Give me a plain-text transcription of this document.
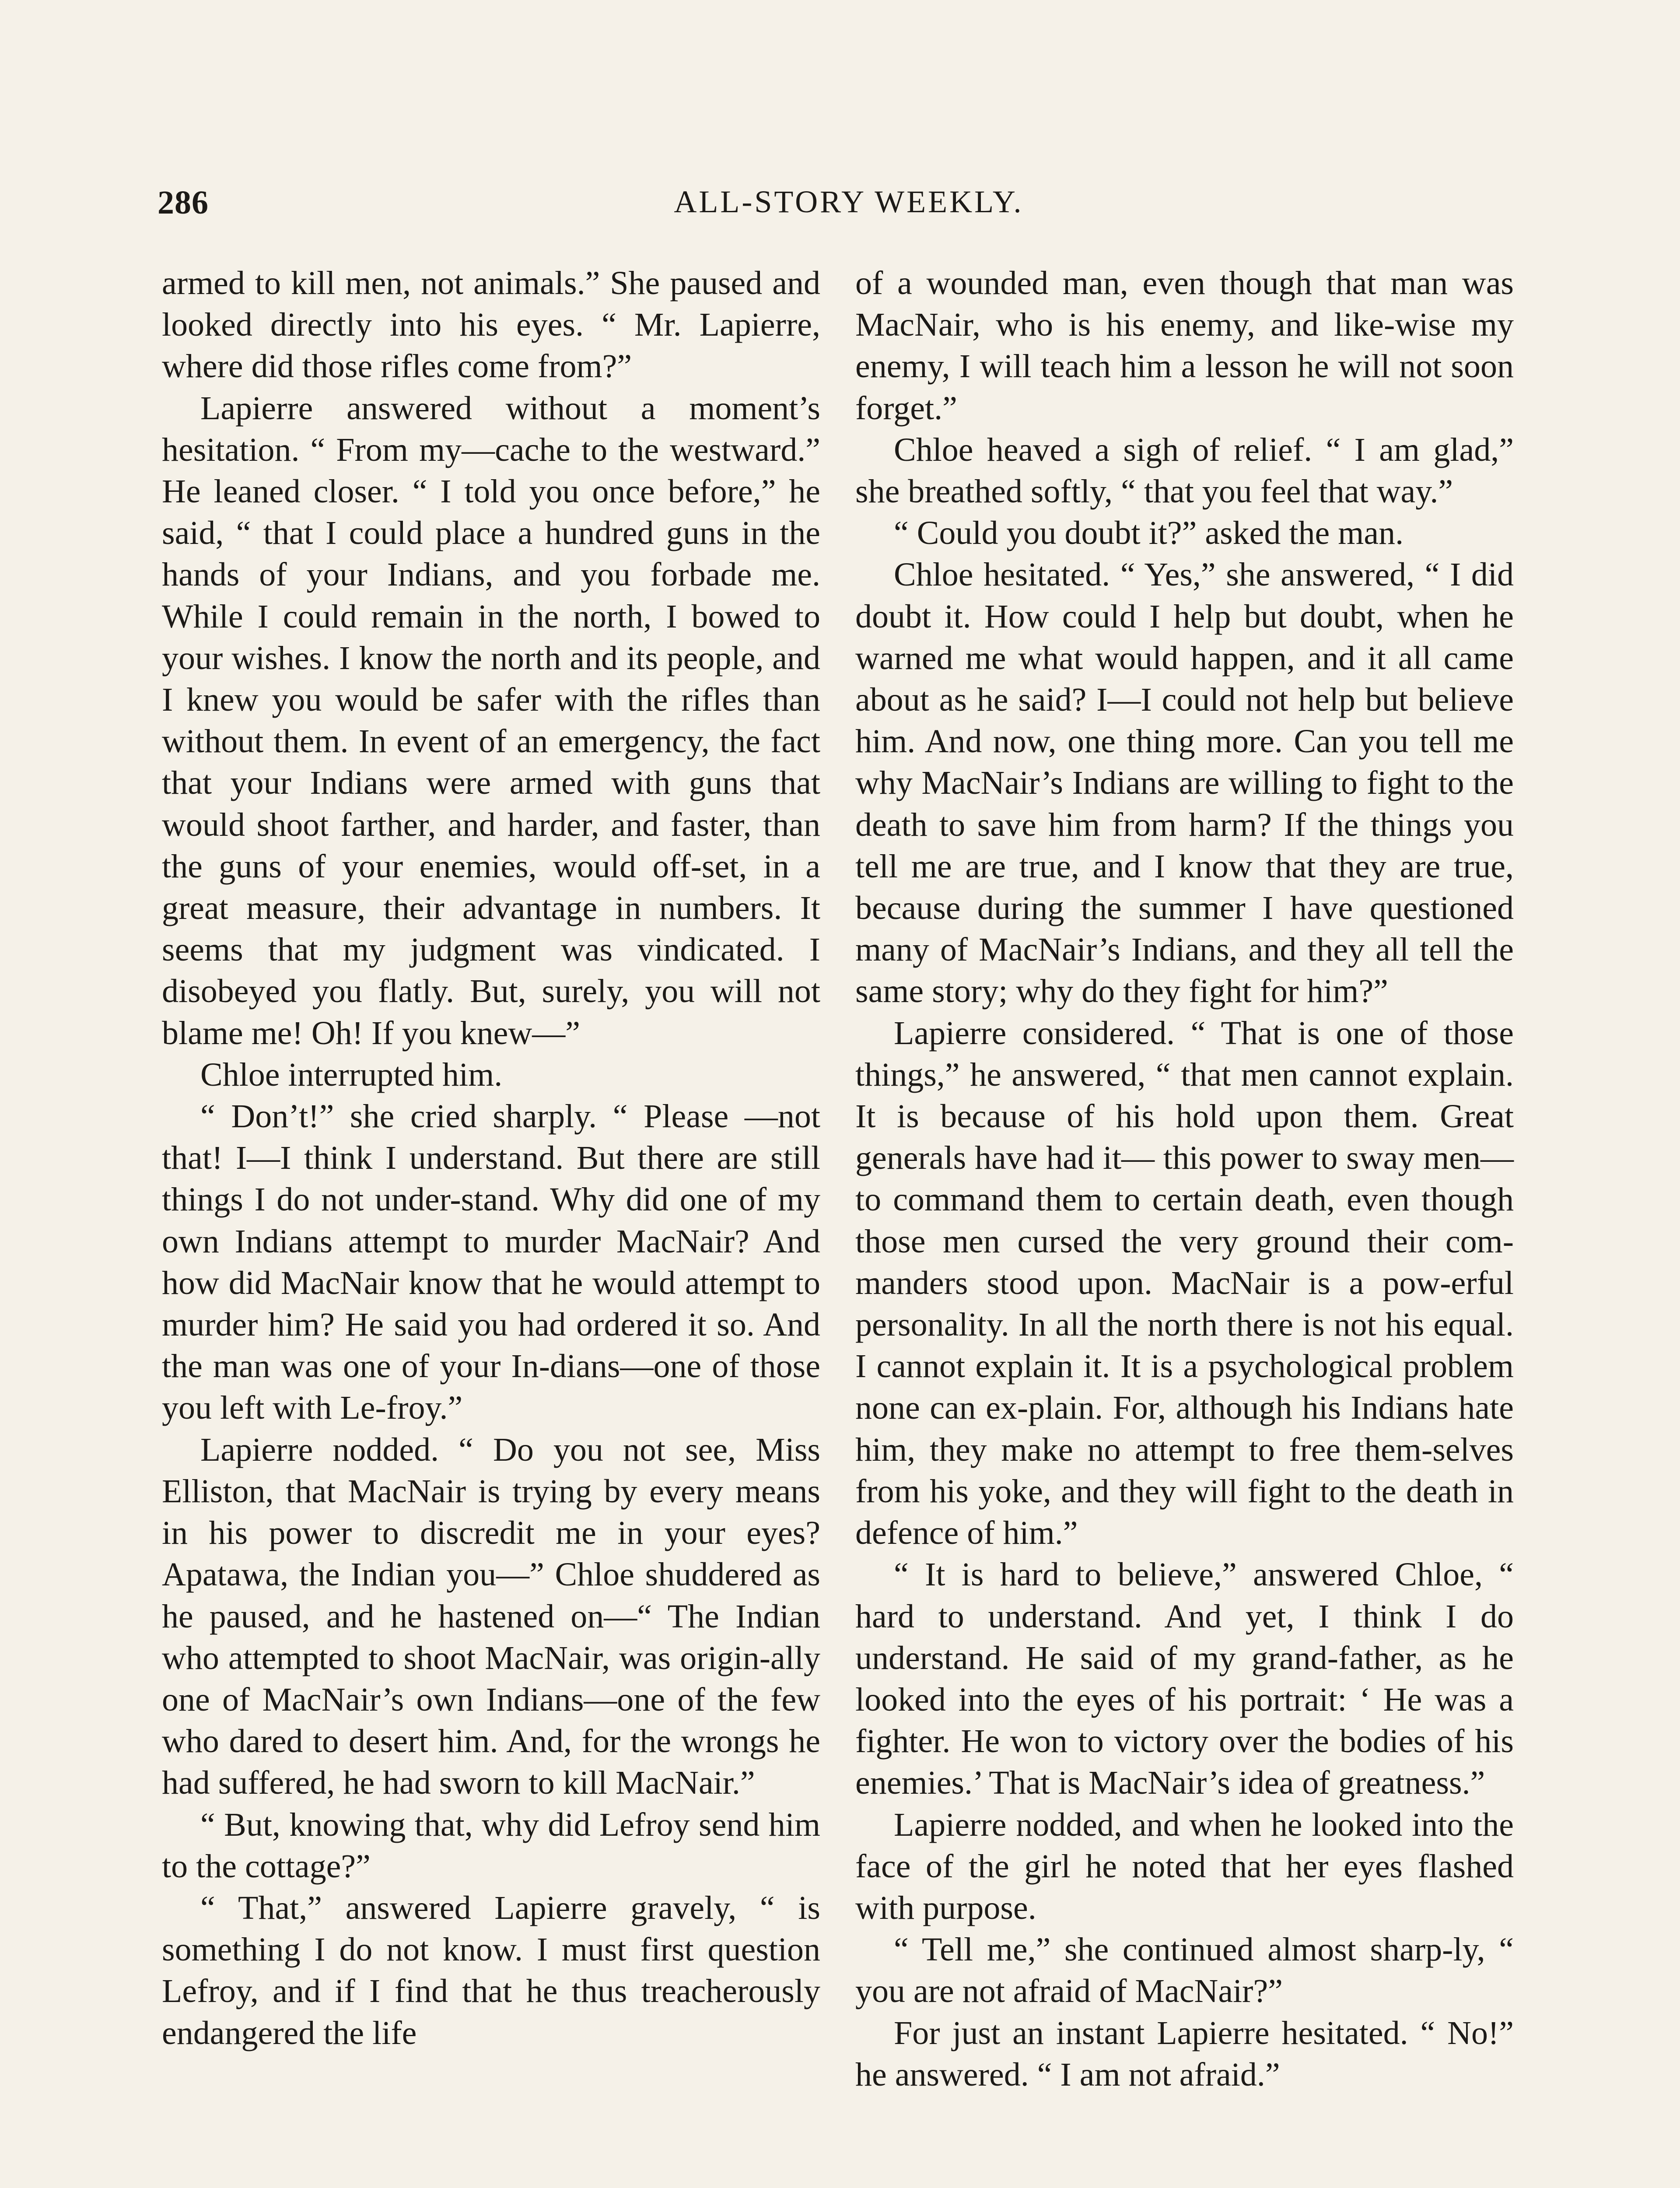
286	ALL-STORY WEEKLY.

armed to kill men, not animals.” She paused and looked directly into his eyes. “ Mr. Lapierre, where did those rifles come from?”

Lapierre answered without a moment’s hesitation. “ From my—cache to the westward.” He leaned closer. “ I told you once before,” he said, “ that I could place a hundred guns in the hands of your Indians, and you forbade me. While I could remain in the north, I bowed to your wishes. I know the north and its people, and I knew you would be safer with the rifles than without them. In event of an emergency, the fact that your Indians were armed with guns that would shoot farther, and harder, and faster, than the guns of your enemies, would off-set, in a great measure, their advantage in numbers. It seems that my judgment was vindicated. I disobeyed you flatly. But, surely, you will not blame me! Oh! If you knew—”

Chloe interrupted him.

“ Don’t!” she cried sharply. “ Please —not that! I—I think I understand. But there are still things I do not under-stand. Why did one of my own Indians attempt to murder MacNair? And how did MacNair know that he would attempt to murder him? He said you had ordered it so. And the man was one of your In-dians—one of those you left with Le-froy.”

Lapierre nodded. “ Do you not see, Miss Elliston, that MacNair is trying by every means in his power to discredit me in your eyes? Apatawa, the Indian you—” Chloe shuddered as he paused, and he hastened on—“ The Indian who attempted to shoot MacNair, was origin-ally one of MacNair’s own Indians—one of the few who dared to desert him. And, for the wrongs he had suffered, he had sworn to kill MacNair.”

“ But, knowing that, why did Lefroy send him to the cottage?”

“ That,” answered Lapierre gravely, “ is something I do not know. I must first question Lefroy, and if I find that he thus treacherously endangered the life

of a wounded man, even though that man was MacNair, who is his enemy, and like-wise my enemy, I will teach him a lesson he will not soon forget.”

Chloe heaved a sigh of relief. “ I am glad,” she breathed softly, “ that you feel that way.”

“ Could you doubt it?” asked the man.

Chloe hesitated. “ Yes,” she answered, “ I did doubt it. How could I help but doubt, when he warned me what would happen, and it all came about as he said? I—I could not help but believe him. And now, one thing more. Can you tell me why MacNair’s Indians are willing to fight to the death to save him from harm? If the things you tell me are true, and I know that they are true, because during the summer I have questioned many of MacNair’s Indians, and they all tell the same story; why do they fight for him?”

Lapierre considered. “ That is one of those things,” he answered, “ that men cannot explain. It is because of his hold upon them. Great generals have had it— this power to sway men—to command them to certain death, even though those men cursed the very ground their com-manders stood upon. MacNair is a pow-erful personality. In all the north there is not his equal. I cannot explain it. It is a psychological problem none can ex-plain. For, although his Indians hate him, they make no attempt to free them-selves from his yoke, and they will fight to the death in defence of him.”

“ It is hard to believe,” answered Chloe, “ hard to understand. And yet, I think I do understand. He said of my grand-father, as he looked into the eyes of his portrait: ‘ He was a fighter. He won to victory over the bodies of his enemies.’ That is MacNair’s idea of greatness.”

Lapierre nodded, and when he looked into the face of the girl he noted that her eyes flashed with purpose.

“ Tell me,” she continued almost sharp-ly, “ you are not afraid of MacNair?”

For just an instant Lapierre hesitated. “ No!” he answered. “ I am not afraid.”
